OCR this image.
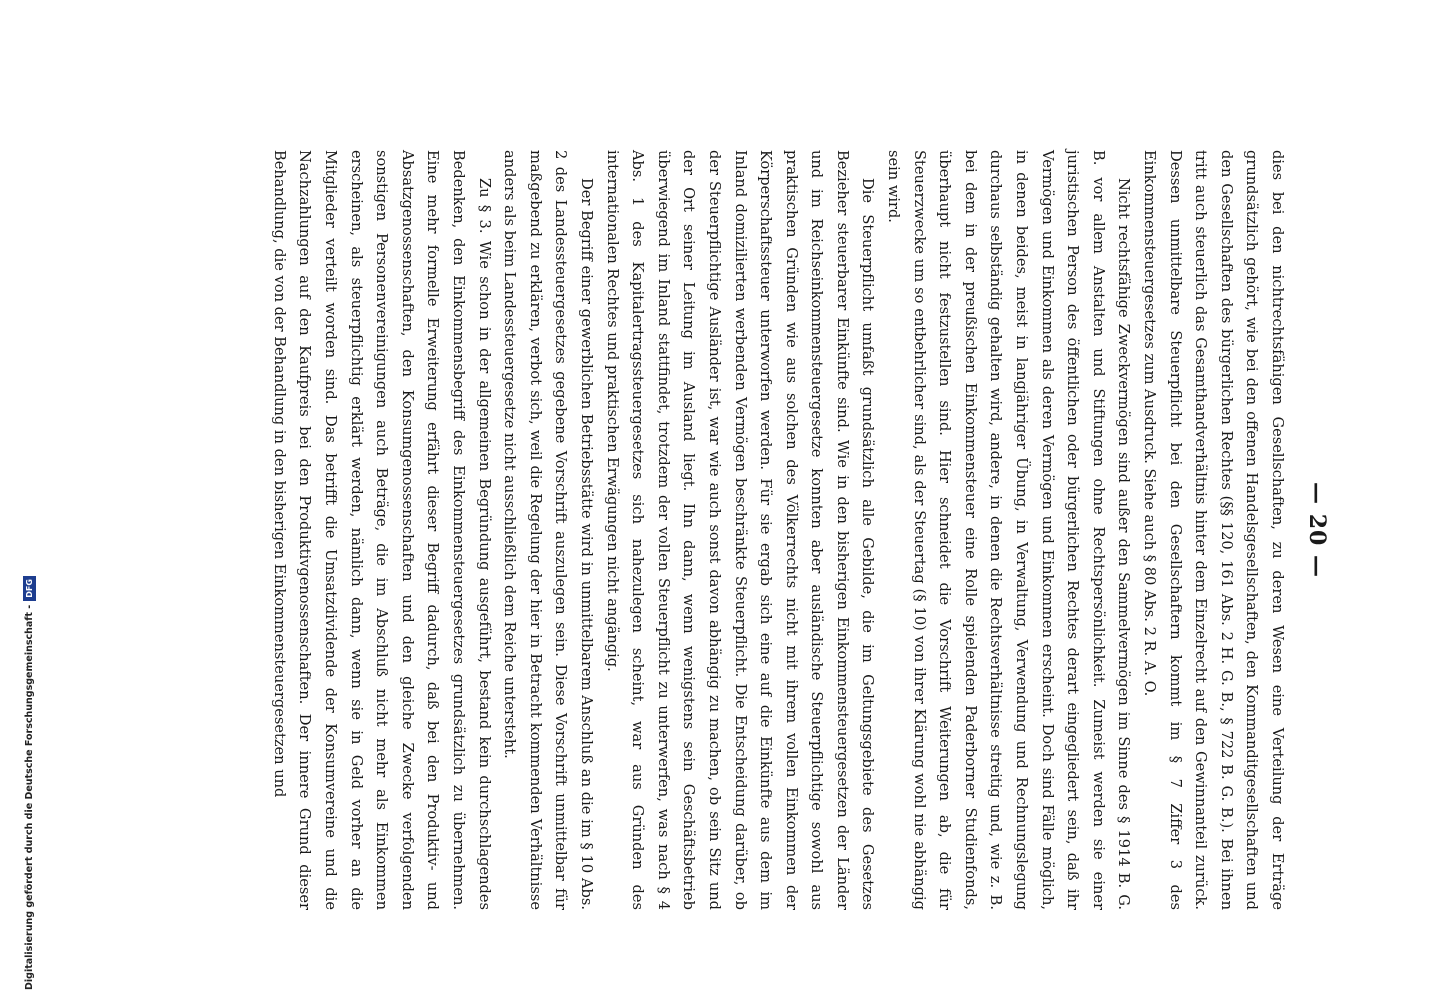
— 20 —

dies bei den nichtrechtsfähigen Gesellschaften, zu deren Wesen eine Verteilung der Erträge grundsätzlich gehört, wie bei den offenen Handelsgesellschaften, den Kommanditgesellschaften und den Gesellschaften des bürgerlichen Rechtes (§§ 120, 161 Abs. 2 H. G. B., § 722 B. G. B.). Bei ihnen tritt auch steuerlich das Gesamthandverhältnis hinter dem Einzelrecht auf den Gewinnanteil zurück. Dessen unmittelbare Steuerpflicht bei den Gesellschaftern kommt im § 7 Ziffer 3 des Einkommensteuergesetzes zum Ausdruck. Siehe auch § 80 Abs. 2 R. A. O.

Nicht rechtsfähige Zweckvermögen sind außer den Sammelvermögen im Sinne des § 1914 B. G. B. vor allem Anstalten und Stiftungen ohne Rechtspersönlichkeit. Zumeist werden sie einer juristischen Person des öffentlichen oder bürgerlichen Rechtes derart eingegliedert sein, daß ihr Vermögen und Einkommen als deren Vermögen und Einkommen erscheint. Doch sind Fälle möglich, in denen beides, meist in langjähriger Übung, in Verwaltung, Verwendung und Rechnungslegung durchaus selbständig gehalten wird, andere, in denen die Rechtsverhältnisse streitig und, wie z. B. bei dem in der preußischen Einkommensteuer eine Rolle spielenden Paderborner Studienfonds, überhaupt nicht festzustellen sind. Hier schneidet die Vorschrift Weiterungen ab, die für Steuerzwecke um so entbehrlicher sind, als der Steuertag (§ 10) von ihrer Klärung wohl nie abhängig sein wird.

Die Steuerpflicht umfaßt grundsätzlich alle Gebilde, die im Geltungsgebiete des Gesetzes Bezieher steuerbarer Einkünfte sind. Wie in den bisherigen Einkommensteuergesetzen der Länder und im Reichseinkommensteuergesetze konnten aber ausländische Steuerpflichtige sowohl aus praktischen Gründen wie aus solchen des Völkerrechts nicht mit ihrem vollen Einkommen der Körperschaftssteuer unterworfen werden. Für sie ergab sich eine auf die Einkünfte aus dem im Inland domizilierten werbenden Vermögen beschränkte Steuerpflicht. Die Entscheidung darüber, ob der Steuerpflichtige Ausländer ist, war wie auch sonst davon abhängig zu machen, ob sein Sitz und der Ort seiner Leitung im Ausland liegt. Ihn dann, wenn wenigstens sein Geschäftsbetrieb überwiegend im Inland stattfindet, trotzdem der vollen Steuerpflicht zu unterwerfen, was nach § 4 Abs. 1 des Kapitalertragssteuergesetzes sich nahezulegen scheint, war aus Gründen des internationalen Rechtes und praktischen Erwägungen nicht angängig.

Der Begriff einer gewerblichen Betriebsstätte wird in unmittelbarem Anschluß an die im § 10 Abs. 2 des Landessteuergesetzes gegebene Vorschrift auszulegen sein. Diese Vorschrift unmittelbar für maßgebend zu erklären, verbot sich, weil die Regelung der hier in Betracht kommenden Verhältnisse anders als beim Landessteuergesetze nicht ausschließlich dem Reiche untersteht.

Zu § 3. Wie schon in der allgemeinen Begründung ausgeführt, bestand kein durchschlagendes Bedenken, den Einkommensbegriff des Einkommensteuergesetzes grundsätzlich zu übernehmen. Eine mehr formelle Erweiterung erfährt dieser Begriff dadurch, daß bei den Produktiv- und Absatzgenossenschaften, den Konsumgenossenschaften und den gleiche Zwecke verfolgenden sonstigen Personenvereinigungen auch Beträge, die im Abschluß nicht mehr als Einkommen erscheinen, als steuerpflichtig erklärt werden, nämlich dann, wenn sie in Geld vorher an die Mitglieder verteilt worden sind. Das betrifft die Umsatzdividende der Konsumvereine und die Nachzahlungen auf den Kaufpreis bei den Produktivgenossenschaften. Der innere Grund dieser Behandlung, die von der Behandlung in den bisherigen Einkommensteuergesetzen und

Digitalisierung gefördert durch die Deutsche Forschungsgemeinschaft -
DFG
